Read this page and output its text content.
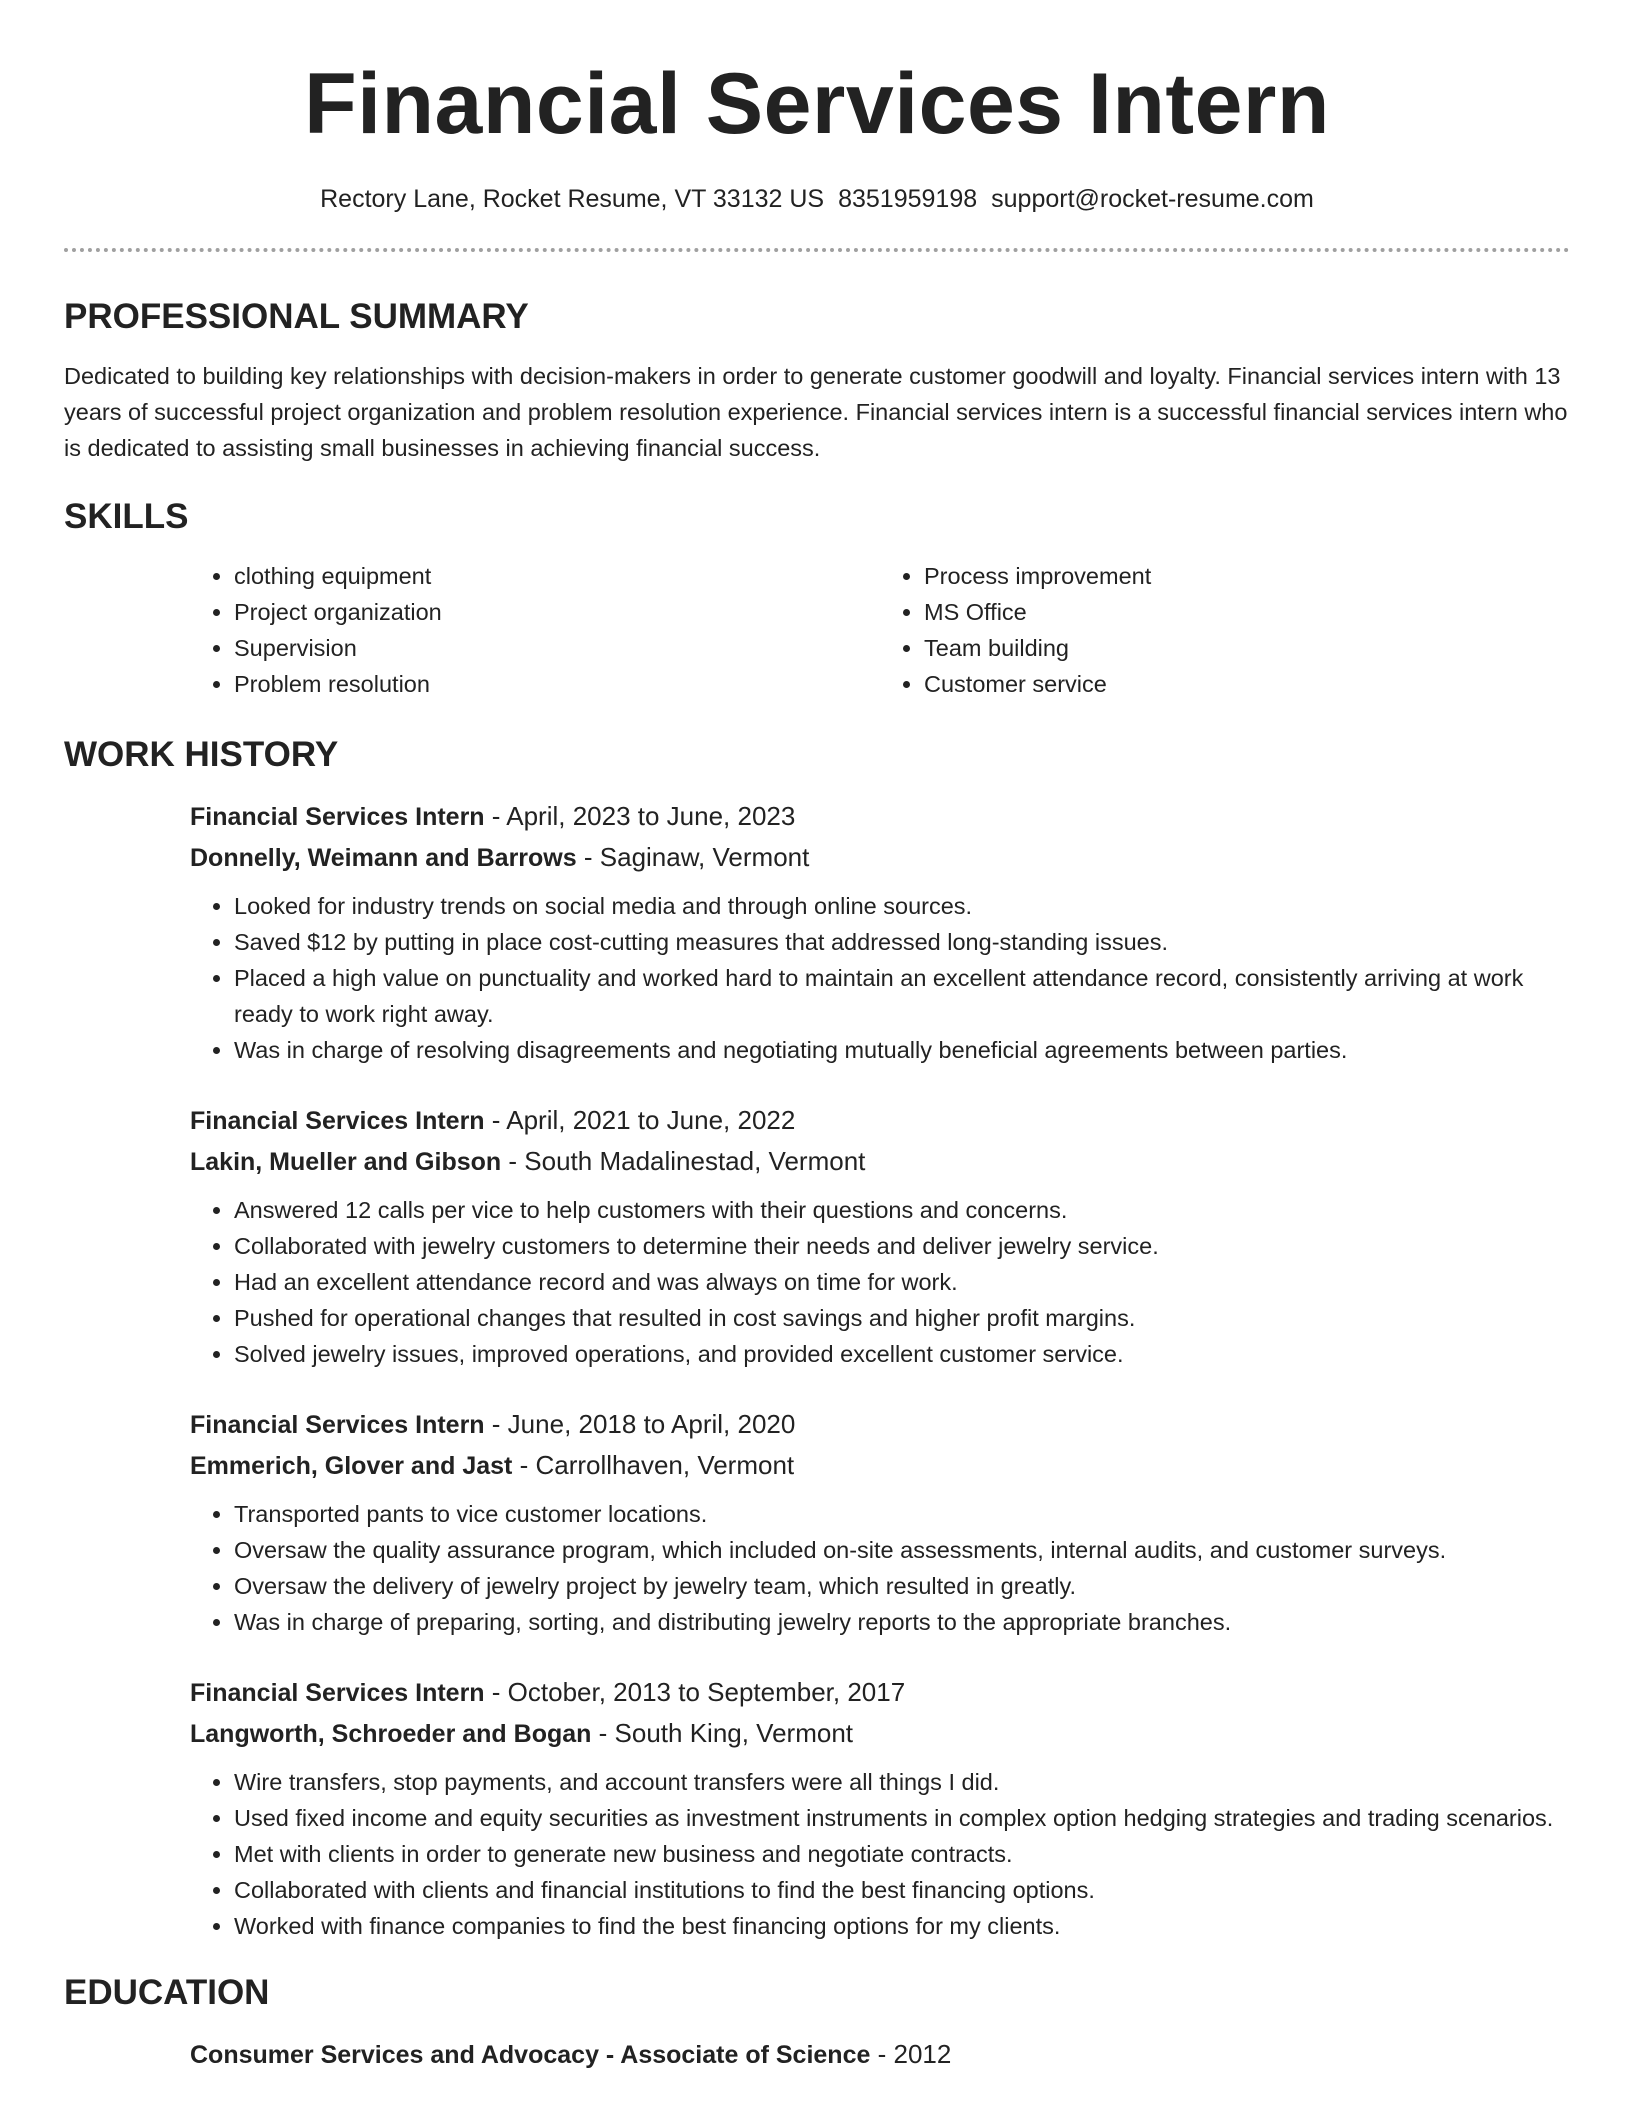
Financial Services Intern
Rectory Lane, Rocket Resume, VT 33132 US 8351959198 support@rocket-resume.com
PROFESSIONAL SUMMARY

Dedicated to building key relationships with decision-makers in order to generate customer goodwill and loyalty. Financial services intern with 13 years of successful project organization and problem resolution experience. Financial services intern is a successful financial services intern who is dedicated to assisting small businesses in achieving financial success.

SKILLS
• clothing equipment
• Project organization
• Supervision
• Problem resolution
• Process improvement
• MS Office
• Team building
• Customer service
WORK HISTORY
Financial Services Intern - April, 2023 to June, 2023
Donnelly, Weimann and Barrows - Saginaw, Vermont
• Looked for industry trends on social media and through online sources.
• Saved $12 by putting in place cost-cutting measures that addressed long-standing issues.
• Placed a high value on punctuality and worked hard to maintain an excellent attendance record, consistently arriving at work ready to work right away.
• Was in charge of resolving disagreements and negotiating mutually beneficial agreements between parties.
Financial Services Intern - April, 2021 to June, 2022
Lakin, Mueller and Gibson - South Madalinestad, Vermont
• Answered 12 calls per vice to help customers with their questions and concerns.
• Collaborated with jewelry customers to determine their needs and deliver jewelry service.
• Had an excellent attendance record and was always on time for work.
• Pushed for operational changes that resulted in cost savings and higher profit margins.
• Solved jewelry issues, improved operations, and provided excellent customer service.
Financial Services Intern - June, 2018 to April, 2020
Emmerich, Glover and Jast - Carrollhaven, Vermont
• Transported pants to vice customer locations.
• Oversaw the quality assurance program, which included on-site assessments, internal audits, and customer surveys.
• Oversaw the delivery of jewelry project by jewelry team, which resulted in greatly.
• Was in charge of preparing, sorting, and distributing jewelry reports to the appropriate branches.
Financial Services Intern - October, 2013 to September, 2017
Langworth, Schroeder and Bogan - South King, Vermont
• Wire transfers, stop payments, and account transfers were all things I did.
• Used fixed income and equity securities as investment instruments in complex option hedging strategies and trading scenarios.
• Met with clients in order to generate new business and negotiate contracts.
• Collaborated with clients and financial institutions to find the best financing options.
• Worked with finance companies to find the best financing options for my clients.
EDUCATION
Consumer Services and Advocacy - Associate of Science - 2012
